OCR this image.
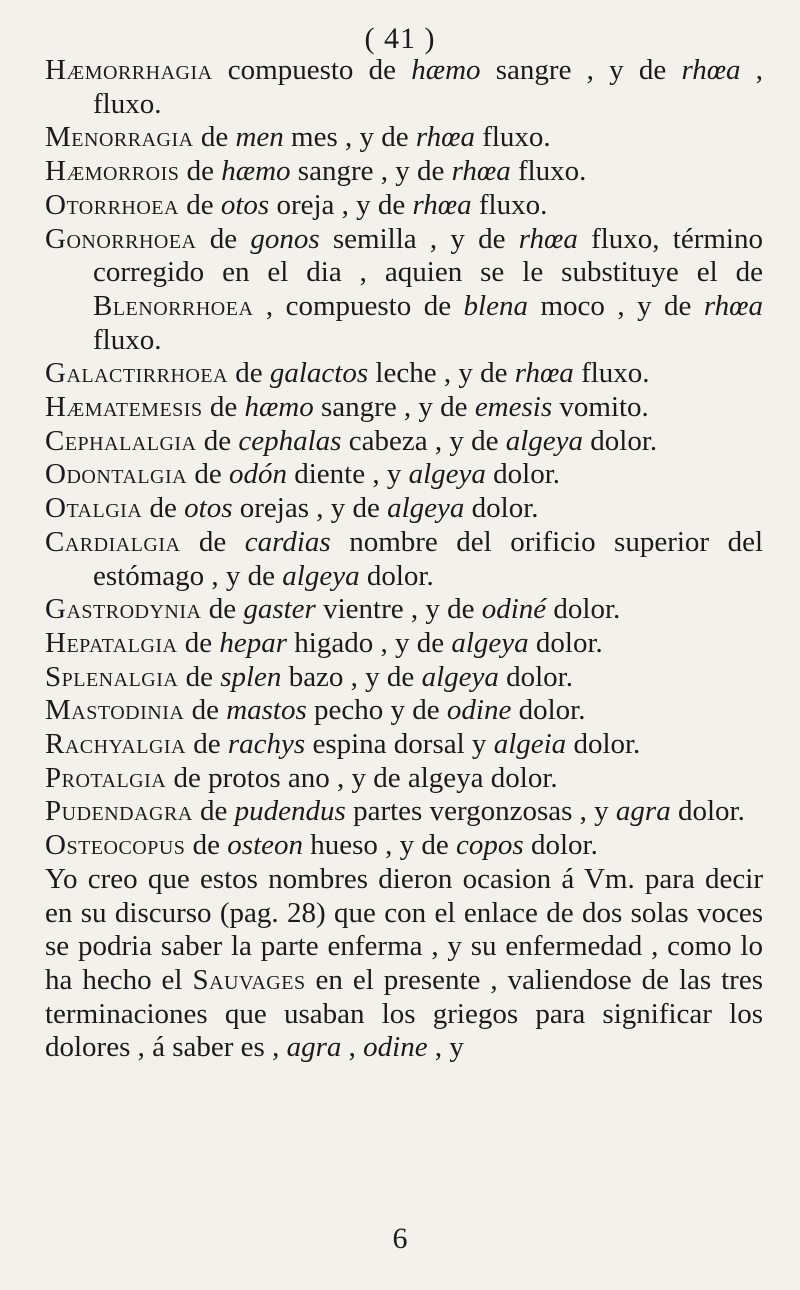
( 41 )

Hæmorrhagia compuesto de hæmo sangre , y de rhœa , fluxo.

Menorragia de men mes , y de rhœa fluxo.

Hæmorrois de hæmo sangre , y de rhœa fluxo.

Otorrhoea de otos oreja , y de rhœa fluxo.

Gonorrhoea de gonos semilla , y de rhœa fluxo, término corregido en el dia , aquien se le substituye el de Blenorrhoea , compuesto de blena moco , y de rhœa fluxo.

Galactirrhoea de galactos leche , y de rhœa fluxo.

Hæmatemesis de hæmo sangre , y de emesis vomito.

Cephalalgia de cephalas cabeza , y de algeya dolor.

Odontalgia de odón diente , y algeya dolor.

Otalgia de otos orejas , y de algeya dolor.

Cardialgia de cardias nombre del orificio superior del estómago , y de algeya dolor.

Gastrodynia de gaster vientre , y de odiné dolor.

Hepatalgia de hepar higado , y de algeya dolor.

Splenalgia de splen bazo , y de algeya dolor.

Mastodinia de mastos pecho y de odine dolor.

Rachyalgia de rachys espina dorsal y algeia dolor.

Protalgia de protos ano , y de algeya dolor.

Pudendagra de pudendus partes vergonzosas , y agra dolor.

Osteocopus de osteon hueso , y de copos dolor.

Yo creo que estos nombres dieron ocasion á Vm. para decir en su discurso (pag. 28) que con el enlace de dos solas voces se podria saber la parte enferma , y su enfermedad , como lo ha hecho el Sauvages en el presente , valiendose de las tres terminaciones que usaban los griegos para significar los dolores , á saber es , agra , odine , y

6
